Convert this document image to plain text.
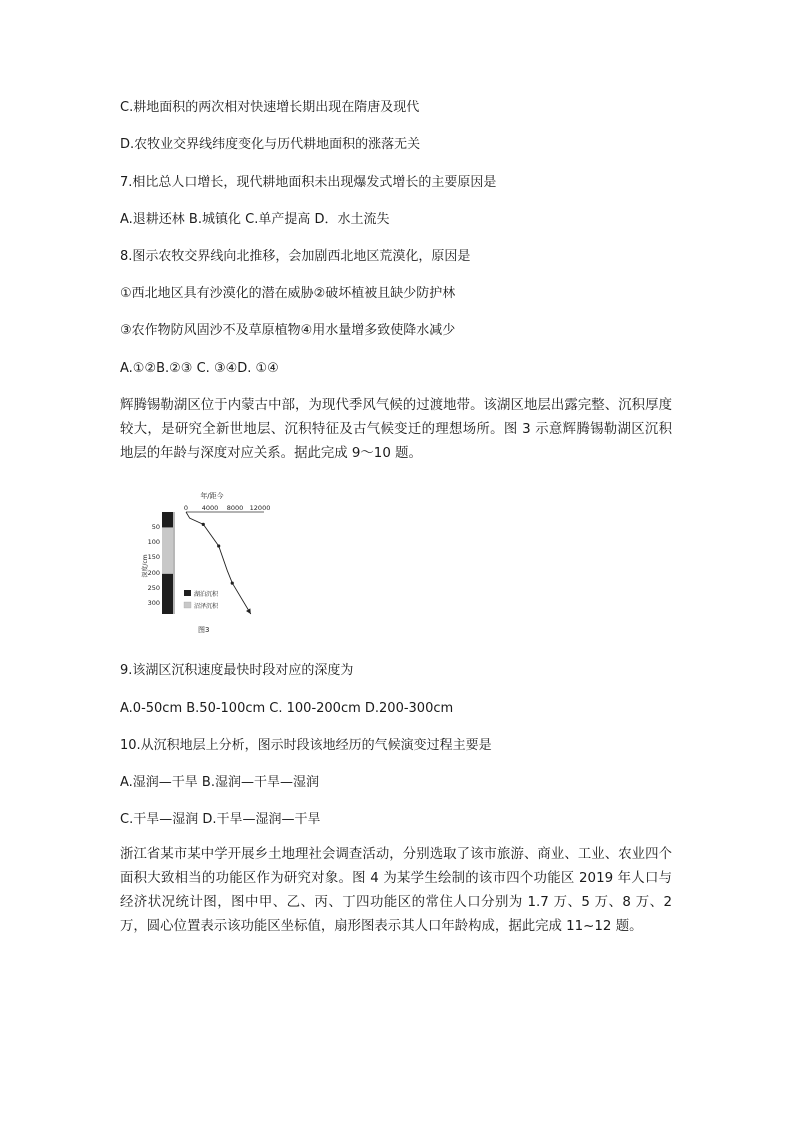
C.耕地面积的两次相对快速增长期出现在隋唐及现代
D.农牧业交界线纬度变化与历代耕地面积的涨落无关
7.相比总人口增长，现代耕地面积未出现爆发式增长的主要原因是
A.退耕还林 B.城镇化 C.单产提高 D．水土流失
8.图示农牧交界线向北推移，会加剧西北地区荒漠化，原因是
①西北地区具有沙漠化的潜在威胁②破坏植被且缺少防护林
③农作物防风固沙不及草原植物④用水量增多致使降水减少
A.①②B.②③ C. ③④D. ①④
辉腾锡勒湖区位于内蒙古中部，为现代季风气候的过渡地带。该湖区地层出露完整、沉积厚度较大，是研究全新世地层、沉积特征及古气候变迁的理想场所。图 3 示意辉腾锡勒湖区沉积地层的年龄与深度对应关系。据此完成 9～10 题。
年/距今
0 4000 8000 12000
50
100
150
200
250
300
深度/cm
湖泊沉积
沼泽沉积
图3
9.该湖区沉积速度最快时段对应的深度为
A.0-50cm B.50-100cm C. 100-200cm D.200-300cm
10.从沉积地层上分析，图示时段该地经历的气候演变过程主要是
A.湿润—干旱 B.湿润—干旱—湿润
C.干旱—湿润 D.干旱—湿润—干旱
浙江省某市某中学开展乡土地理社会调查活动，分别选取了该市旅游、商业、工业、农业四个面积大致相当的功能区作为研究对象。图 4 为某学生绘制的该市四个功能区 2019 年人口与经济状况统计图，图中甲、乙、丙、丁四功能区的常住人口分别为 1.7 万、5 万、8 万、2 万，圆心位置表示该功能区坐标值，扇形图表示其人口年龄构成，据此完成 11~12 题。
